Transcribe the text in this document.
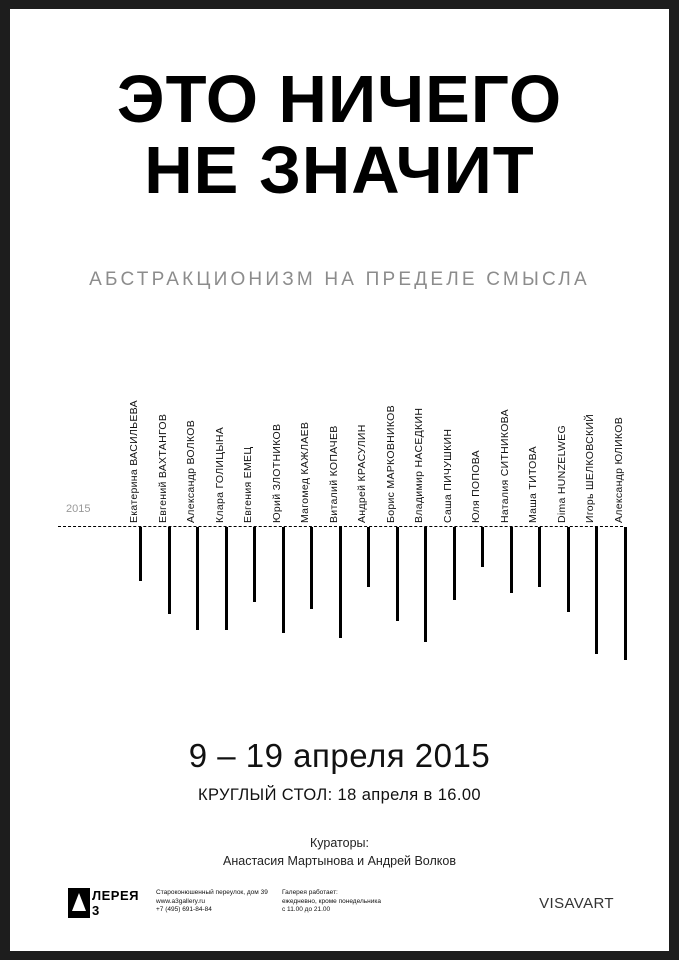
ЭТО НИЧЕГО
НЕ ЗНАЧИТ
АБСТРАКЦИОНИЗМ НА ПРЕДЕЛЕ СМЫСЛА
2015	Екатерина ВАСИЛЬЕВА Евгений ВАХТАНГОВ Александр ВОЛКОВ Клара ГОЛИЦЫНА Евгения ЕМЕЦ Юрий ЗЛОТНИКОВ Магомед КАЖЛАЕВ Виталий КОПАЧЕВ Андрей КРАСУЛИН Борис МАРКОВНИКОВ Владимир НАСЕДКИН Саша ПИЧУШКИН Юля ПОПОВА Наталия СИТНИКОВА Маша ТИТОВА Dima HUNZELWEG Игорь ШЕЛКОВСКИЙ Александр ЮЛИКОВ
9 – 19 апреля 2015
КРУГЛЫЙ СТОЛ: 18 апреля в 16.00
Кураторы:
Анастасия Мартынова и Андрей Волков
ЛЕРЕЯ
3
Староконюшенный переулок, дом 39
www.a3gallery.ru
+7 (495) 691-84-84
Галерея работает:
ежедневно, кроме понедельника
с 11.00 до 21.00	VISAVART
